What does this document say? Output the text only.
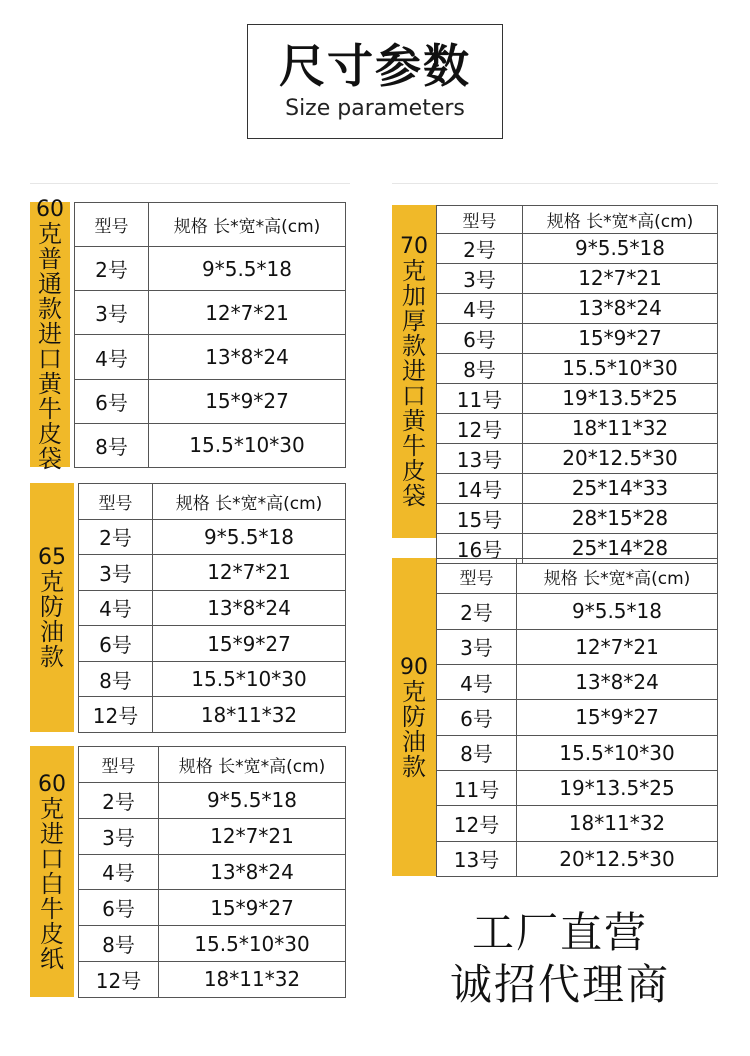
尺寸参数
Size parameters
60
克
普
通
款
进
口
黄
牛
皮
袋
型号	规格 长*宽*高(cm)
2号	9*5.5*18
3号	12*7*21
4号	13*8*24
6号	15*9*27
8号	15.5*10*30
65
克
防
油
款
型号	规格 长*宽*高(cm)
2号	9*5.5*18
3号	12*7*21
4号	13*8*24
6号	15*9*27
8号	15.5*10*30
12号	18*11*32
60
克
进
口
白
牛
皮
纸
型号	规格 长*宽*高(cm)
2号	9*5.5*18
3号	12*7*21
4号	13*8*24
6号	15*9*27
8号	15.5*10*30
12号	18*11*32
70
克
加
厚
款
进
口
黄
牛
皮
袋
型号	规格 长*宽*高(cm)
2号	9*5.5*18
3号	12*7*21
4号	13*8*24
6号	15*9*27
8号	15.5*10*30
11号	19*13.5*25
12号	18*11*32
13号	20*12.5*30
14号	25*14*33
15号	28*15*28
16号	25*14*28
90
克
防
油
款
型号	规格 长*宽*高(cm)
2号	9*5.5*18
3号	12*7*21
4号	13*8*24
6号	15*9*27
8号	15.5*10*30
11号	19*13.5*25
12号	18*11*32
13号	20*12.5*30
工厂直营
诚招代理商
